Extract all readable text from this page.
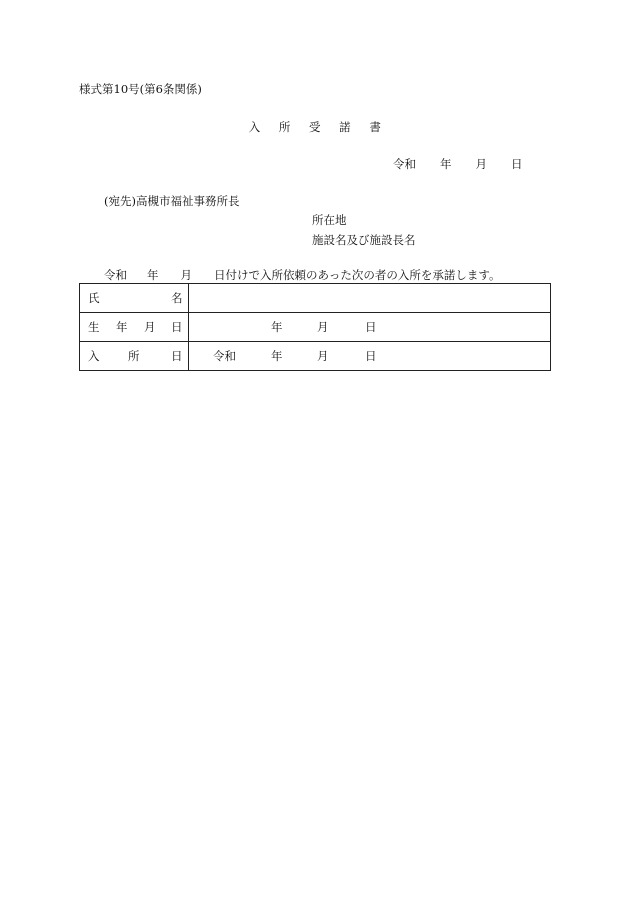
様式第10号(第6条関係)
入 所 受 諾 書
令和 年 月 日
(宛先)高槻市福祉事務所長
所在地
施設名及び施設長名
令和 年 月 日付けで入所依頼のあった次の者の入所を承諾します。
氏 名	

生 年 月 日	年 月 日

入 所 日	令和 年 月 日
